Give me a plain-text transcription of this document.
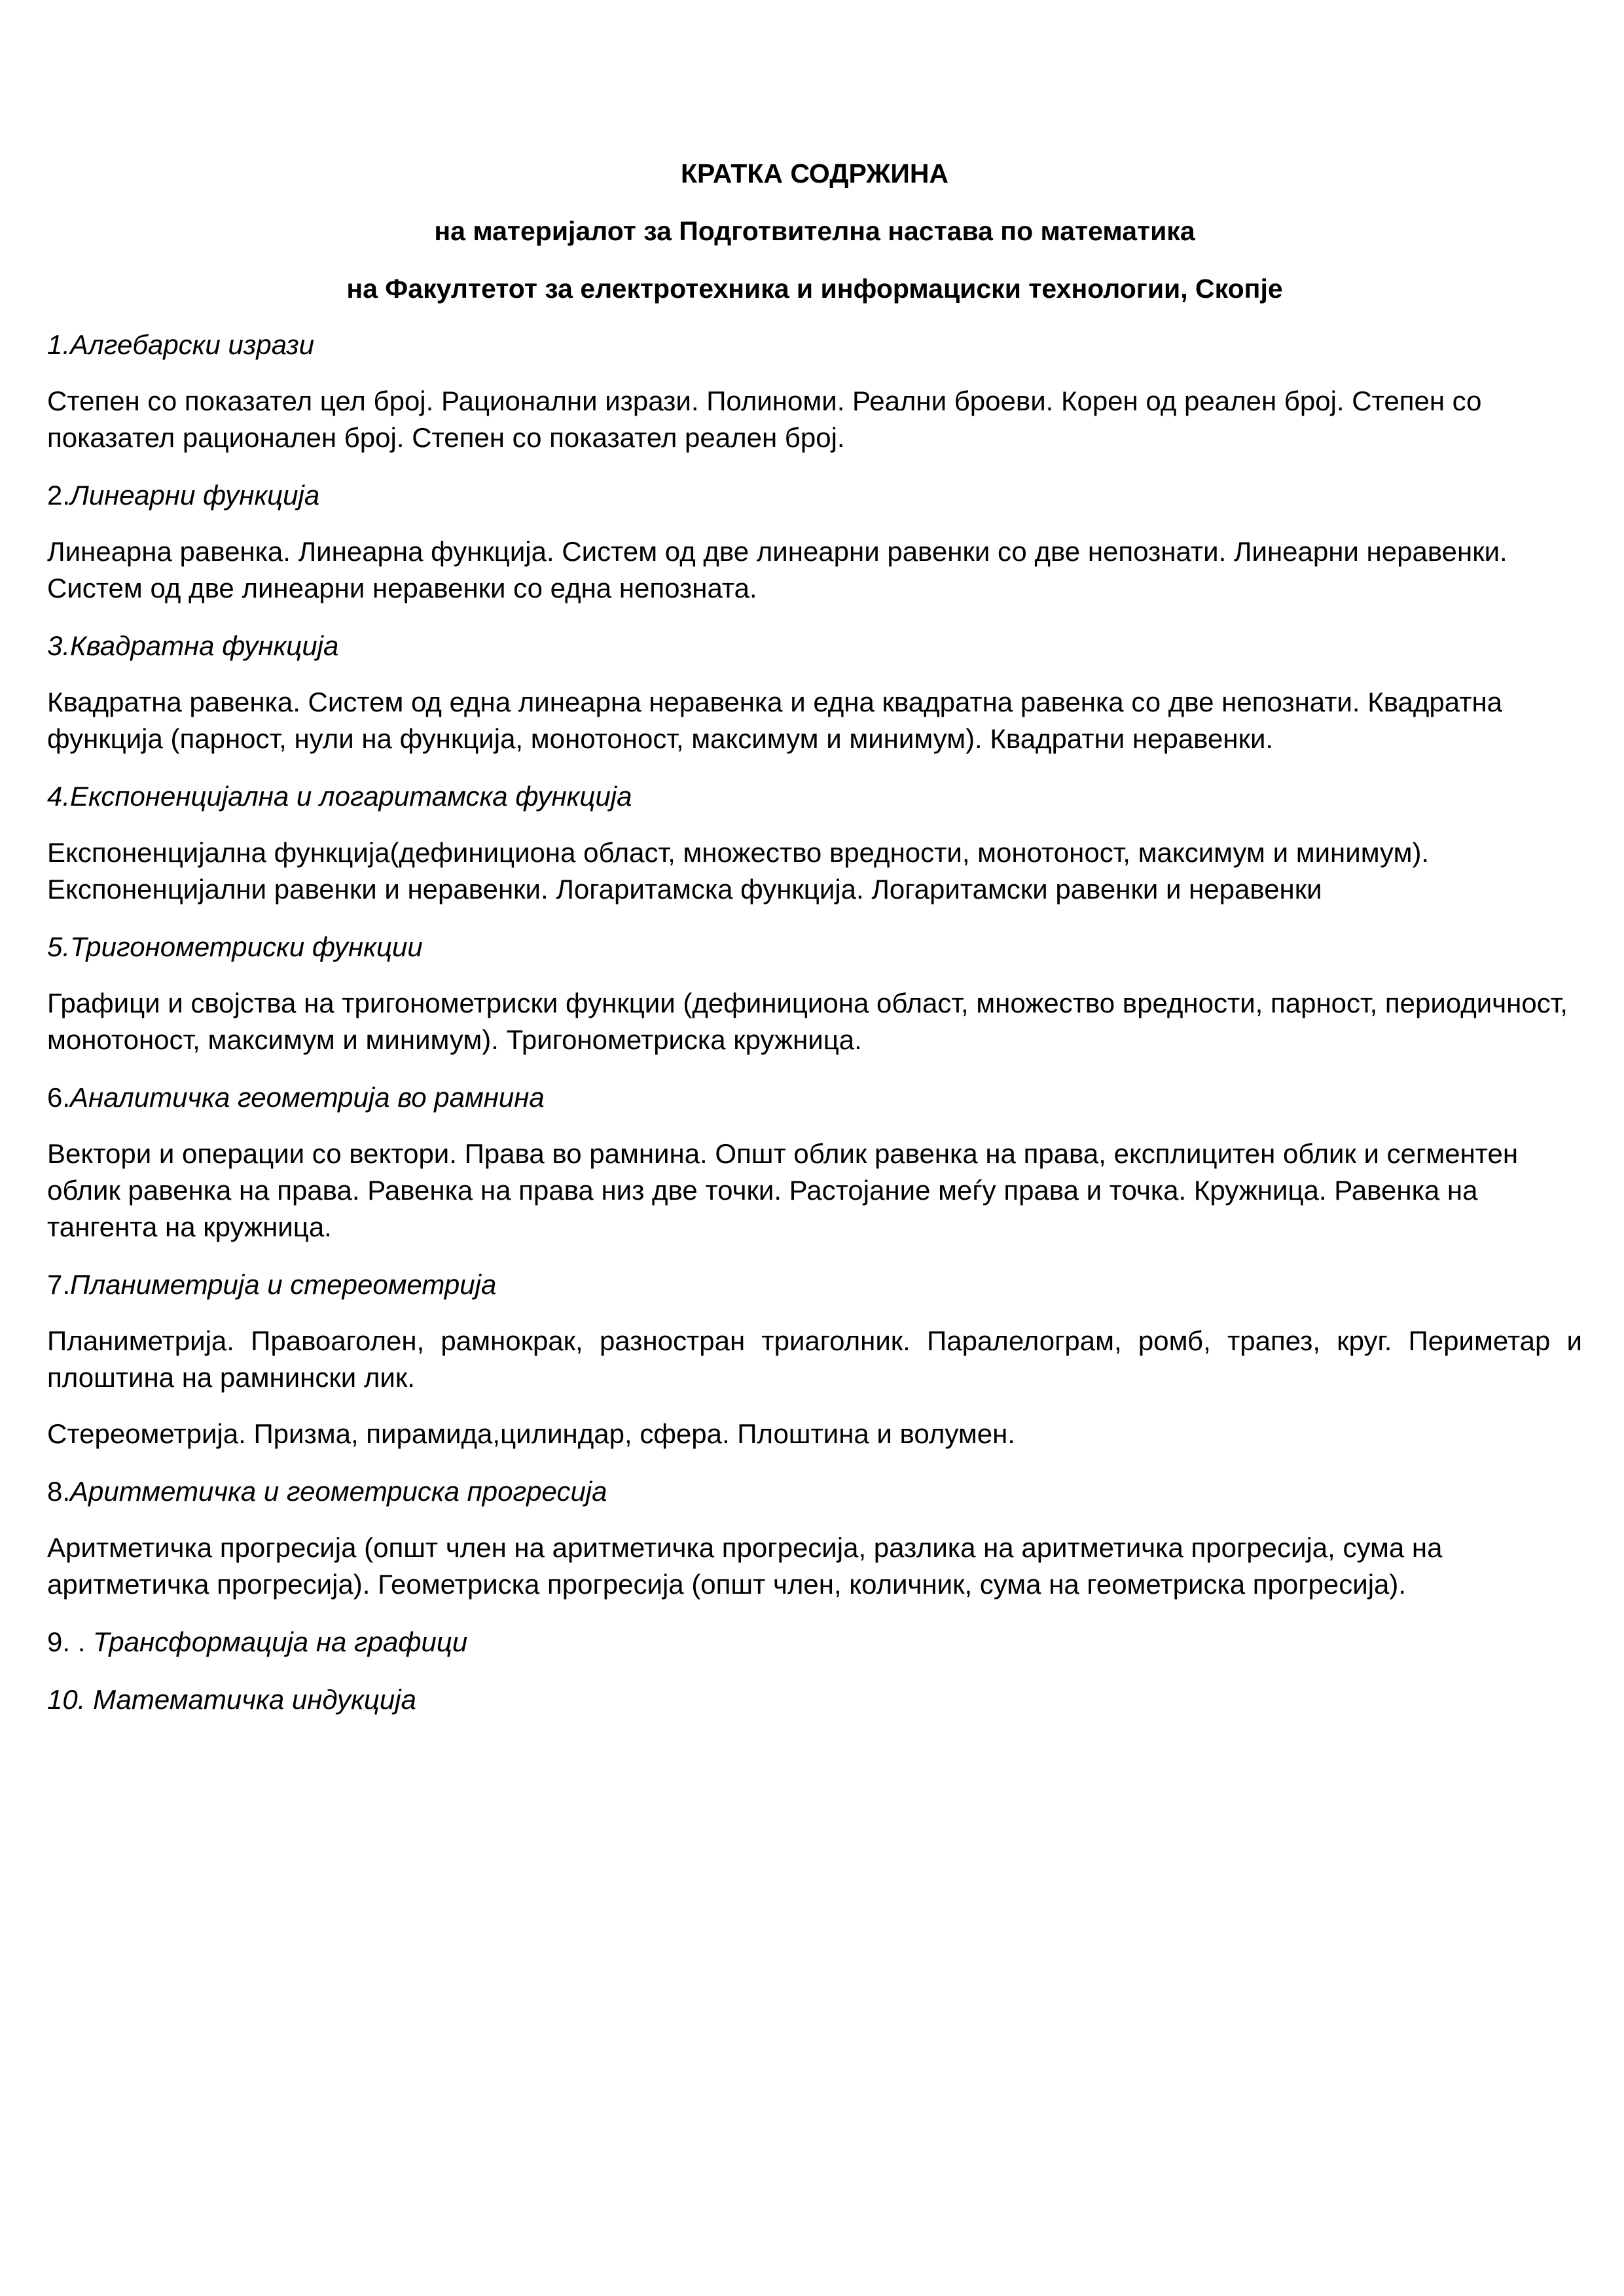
КРАТКА СОДРЖИНА
на материјалот за Подготвителна настава по математика
на Факултетот за електротехника и информациски технологии, Скопје
1.Алгебарски изрази
Степен со показател цел број. Рационални изрази. Полиноми. Реални броеви. Корен од реален број. Степен со показател рационален број. Степен со показател реален број.
2.Линеарни функција
Линеарна равенка. Линеарна функција. Систем од две линеарни равенки со две непознати. Линеарни неравенки. Систем од две линеарни неравенки со една непозната.
3.Квадратна функција
Квадратна равенка. Систем од една линеарна неравенка и една квадратна равенка со две непознати. Квадратна функција (парност, нули на функција, монотоност, максимум и минимум). Квадратни неравенки.
4.Експоненцијална и логаритамска функција
Експоненцијална функција(дефинициона област, множество вредности, монотоност, максимум и минимум). Експоненцијални равенки и неравенки. Логаритамска функција. Логаритамски равенки и неравенки
5.Тригонометриски функции
Графици и својства на тригонометриски функции (дефинициона област, множество вредности, парност, периодичност, монотоност, максимум и минимум). Тригонометриска кружница.
6.Аналитичка геометрија во рамнина
Вектори и операции со вектори. Права во рамнина. Општ облик равенка на права, експлицитен облик и сегментен облик равенка на права. Равенка на права низ две точки. Растојание меѓу права и точка. Кружница. Равенка на тангента на кружница.
7.Планиметрија и стереометрија
Планиметрија. Правоаголен, рамнокрак, разностран триаголник. Паралелограм, ромб, трапез, круг. Периметар и плоштина на рамнински лик.
Стереометрија. Призма, пирамида,цилиндар, сфера. Плоштина и волумен.
8.Аритметичка и геометриска прогресија
Аритметичка прогресија (општ член на аритметичка прогресија, разлика на аритметичка прогресија, сума на аритметичка прогресија). Геометриска прогресија (општ член, количник, сума на геометриска прогресија).
9. . Трансформација на графици
10. Математичка индукција
